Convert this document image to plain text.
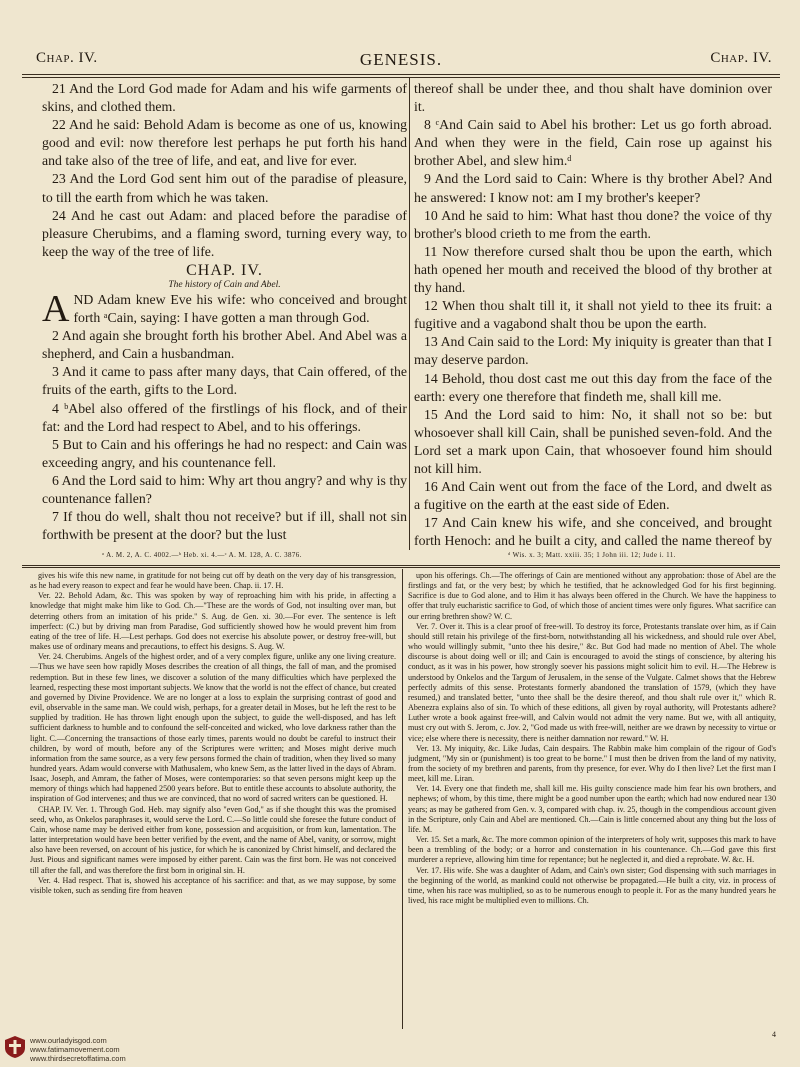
Chap. IV.	GENESIS.	Chap. IV.

21 And the Lord God made for Adam and his wife garments of skins, and clothed them.

22 And he said: Behold Adam is become as one of us, knowing good and evil: now therefore lest perhaps he put forth his hand and take also of the tree of life, and eat, and live for ever.

23 And the Lord God sent him out of the paradise of pleasure, to till the earth from which he was taken.

24 And he cast out Adam: and placed before the paradise of pleasure Cherubims, and a flaming sword, turning every way, to keep the way of the tree of life.

CHAP. IV.

The history of Cain and Abel.

AND Adam knew Eve his wife: who conceived and brought forth ᵃCain, saying: I have gotten a man through God.

2 And again she brought forth his brother Abel. And Abel was a shepherd, and Cain a husbandman.

3 And it came to pass after many days, that Cain offered, of the fruits of the earth, gifts to the Lord.

4 ᵇAbel also offered of the firstlings of his flock, and of their fat: and the Lord had respect to Abel, and to his offerings.

5 But to Cain and his offerings he had no respect: and Cain was exceeding angry, and his countenance fell.

6 And the Lord said to him: Why art thou angry? and why is thy countenance fallen?

7 If thou do well, shalt thou not receive? but if ill, shall not sin forthwith be present at the door? but the lust

thereof shall be under thee, and thou shalt have dominion over it.

8 ᶜAnd Cain said to Abel his brother: Let us go forth abroad. And when they were in the field, Cain rose up against his brother Abel, and slew him.ᵈ

9 And the Lord said to Cain: Where is thy brother Abel? And he answered: I know not: am I my brother's keeper?

10 And he said to him: What hast thou done? the voice of thy brother's blood crieth to me from the earth.

11 Now therefore cursed shalt thou be upon the earth, which hath opened her mouth and received the blood of thy brother at thy hand.

12 When thou shalt till it, it shall not yield to thee its fruit: a fugitive and a vagabond shalt thou be upon the earth.

13 And Cain said to the Lord: My iniquity is greater than that I may deserve pardon.

14 Behold, thou dost cast me out this day from the face of the earth: every one therefore that findeth me, shall kill me.

15 And the Lord said to him: No, it shall not so be: but whosoever shall kill Cain, shall be punished seven-fold. And the Lord set a mark upon Cain, that whosoever found him should not kill him.

16 And Cain went out from the face of the Lord, and dwelt as a fugitive on the earth at the east side of Eden.

17 And Cain knew his wife, and she conceived, and brought forth Henoch: and he built a city, and called the name thereof by

ᵃ A. M. 2, A. C. 4002.—ᵇ Heb. xi. 4.—ᶜ A. M. 128, A. C. 3876.	ᵈ Wis. x. 3; Matt. xxiii. 35; 1 John iii. 12; Jude i. 11.

gives his wife this new name, in gratitude for not being cut off by death on the very day of his transgression, as he had every reason to expect and fear he would have been. Chap. ii. 17. H.

Ver. 22. Behold Adam, &c. This was spoken by way of reproaching him with his pride, in affecting a knowledge that might make him like to God. Ch.—"These are the words of God, not insulting over man, but deterring others from an imitation of his pride." S. Aug. de Gen. xi. 30.—For ever. The sentence is left imperfect: (C.) but by driving man from Paradise, God sufficiently showed how he would prevent him from eating of the tree of life. H.—Lest perhaps. God does not exercise his absolute power, or destroy free-will, but makes use of ordinary means and precautions, to effect his designs. S. Aug. W.

Ver. 24. Cherubims. Angels of the highest order, and of a very complex figure, unlike any one living creature.—Thus we have seen how rapidly Moses describes the creation of all things, the fall of man, and the promised redemption. But in these few lines, we discover a solution of the many difficulties which have perplexed the learned, respecting these most important subjects. We know that the world is not the effect of chance, but created and governed by Divine Providence. We are no longer at a loss to explain the surprising contrast of good and evil, observable in the same man. We could wish, perhaps, for a greater detail in Moses, but he left the rest to be supplied by tradition. He has thrown light enough upon the subject, to guide the well-disposed, and has left sufficient darkness to humble and to confound the self-conceited and wicked, who love darkness rather than the light. C.—Concerning the transactions of those early times, parents would no doubt be careful to instruct their children, by word of mouth, before any of the Scriptures were written; and Moses might derive much information from the same source, as a very few persons formed the chain of tradition, when they lived so many hundred years. Adam would converse with Mathusalem, who knew Sem, as the latter lived in the days of Abram. Isaac, Joseph, and Amram, the father of Moses, were contemporaries: so that seven persons might keep up the memory of things which had happened 2500 years before. But to entitle these accounts to absolute authority, the inspiration of God intervenes; and thus we are convinced, that no word of sacred writers can be questioned. H.

CHAP. IV. Ver. 1. Through God. Heb. may signify also "even God," as if she thought this was the promised seed, who, as Onkelos paraphrases it, would serve the Lord. C.—So little could she foresee the future conduct of Cain, whose name may be derived either from kone, possession and acquisition, or from kun, lamentation. The latter interpretation would have been better verified by the event, and the name of Abel, vanity, or sorrow, might also have been reversed, on account of his justice, for which he is canonized by Christ himself, and declared the Just. Pious and significant names were imposed by either parent. Cain was the first born. He was not conceived till after the fall, and was therefore the first born in original sin. H.

Ver. 4. Had respect. That is, showed his acceptance of his sacrifice: and that, as we may suppose, by some visible token, such as sending fire from heaven

upon his offerings. Ch.—The offerings of Cain are mentioned without any approbation: those of Abel are the firstlings and fat, or the very best; by which he testified, that he acknowledged God for his first beginning. Sacrifice is due to God alone, and to Him it has always been offered in the Church. We have the happiness to offer that truly eucharistic sacrifice to God, of which those of ancient times were only figures. What sacrifice can our erring brethren show? W. C.

Ver. 7. Over it. This is a clear proof of free-will. To destroy its force, Protestants translate over him, as if Cain should still retain his privilege of the first-born, notwithstanding all his wickedness, and should rule over Abel, who would willingly submit, "unto thee his desire," &c. But God had made no mention of Abel. The whole discourse is about doing well or ill; and Cain is encouraged to avoid the stings of conscience, by altering his conduct, as it was in his power, how strongly soever his passions might solicit him to evil. H.—The Hebrew is understood by Onkelos and the Targum of Jerusalem, in the sense of the Vulgate. Calmet shows that the Hebrew perfectly admits of this sense. Protestants formerly abandoned the translation of 1579, (which they have resumed,) and translated better, "unto thee shall be the desire thereof, and thou shalt rule over it," which R. Abenezra explains also of sin. To which of these editions, all given by royal authority, will Protestants adhere? Luther wrote a book against free-will, and Calvin would not admit the very name. But we, with all antiquity, must cry out with S. Jerom, c. Jov. 2, "God made us with free-will, neither are we drawn by necessity to virtue or vice; else where there is necessity, there is neither damnation nor reward." W. H.

Ver. 13. My iniquity, &c. Like Judas, Cain despairs. The Rabbin make him complain of the rigour of God's judgment, "My sin or (punishment) is too great to be borne." I must then be driven from the land of my nativity, from the society of my brethren and parents, from thy presence, for ever. Why do I then live? Let the first man I meet, kill me. Liran.

Ver. 14. Every one that findeth me, shall kill me. His guilty conscience made him fear his own brothers, and nephews; of whom, by this time, there might be a good number upon the earth; which had now endured near 130 years; as may be gathered from Gen. v. 3, compared with chap. iv. 25, though in the compendious account given in the Scripture, only Cain and Abel are mentioned. Ch.—Cain is little concerned about any thing but the loss of life. M.

Ver. 15. Set a mark, &c. The more common opinion of the interpreters of holy writ, supposes this mark to have been a trembling of the body; or a horror and consternation in his countenance. Ch.—God gave this first murderer a reprieve, allowing him time for repentance; but he neglected it, and died a reprobate. W. &c. H.

Ver. 17. His wife. She was a daughter of Adam, and Cain's own sister; God dispensing with such marriages in the beginning of the world, as mankind could not otherwise be propagated.—He built a city, viz. in process of time, when his race was multiplied, so as to be numerous enough to people it. For as the many hundred years he lived, his race might be multiplied even to millions. Ch.

4
www.ourladyisgod.com
www.fatimamovement.com
www.thirdsecretoffatima.com
